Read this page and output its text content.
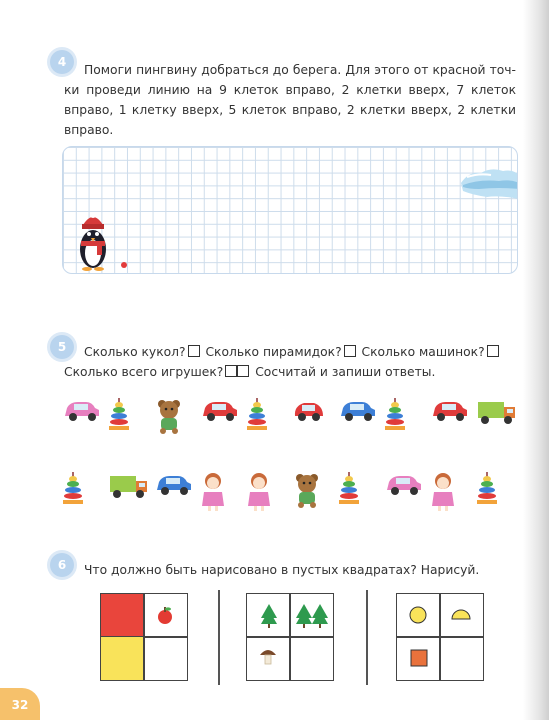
4
Помоги пингвину добраться до берега. Для этого от красной точ-
ки проведи линию на 9 клеток вправо, 2 клетки вверх, 7 клеток
вправо, 1 клетку вверх, 5 клеток вправо, 2 клетки вверх, 2 клетки
вправо.
5	Сколько кукол? Сколько пирамидок? Сколько машинок?
Сколько всего игрушек?	Сосчитай и запиши ответы.
6	Что должно быть нарисовано в пустых квадратах? Нарисуй.
32
